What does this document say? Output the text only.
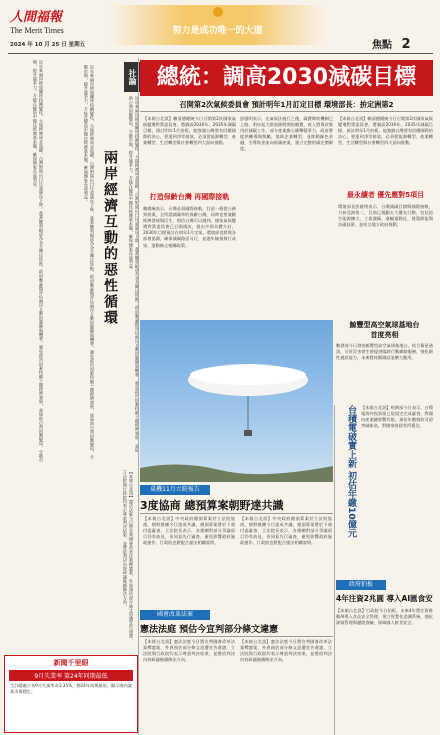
人間福報
The Merit Times
2024 年 10 月 25 日 星期五
努力是成功唯一的大道
焦點 2
社論
兩岸經濟互動的惡性循環
助台商因應變局，分散市場，提升競爭力，方能在變局中穩住經濟基本盤，確保國家長遠利益。
近年來兩岸經貿關係持續變化，大陸經濟成長放緩，台灣對陸出口比重逐年下降，產業鏈重組成為各方關注焦點。政府應審慎評估兩岸互動的風險與機會，避免政治因素持續干擾經濟發展，並協助台商因應變局，分散市場，提升競爭力，方能在變局中穩住經濟基本盤，確保國家長遠利益。
近年來兩岸經貿關係持續變化，大陸經濟成長放緩，台灣對陸出口比重逐年下降，產業鏈重組成為各方關注焦點。政府應審慎評估兩岸互動的風險與機會，避免政治因素持續干擾經濟發展，並協助台商因應變局，分散市場，提升競爭力，方能在變局中穩住經濟基本盤，確保國家長遠利益。
【本報台北訊】憲法法庭今日將宣判國會改革法案釋憲案，外界預估部分條文恐遭宣告違憲，立法院與行政院均表示尊重判決結果，並將依判決內容研議後續修法方向。
新聞千里眼
9月失業率 第24年同期最低
主計總處公布9月失業率為3.35%，創24年同期最低，顯示國內就業市場穩定。
總統：調高2030減碳目標
召開第2次氣候委員會 預計明年1月訂定目標 環境部長：拚定洲第2
【本報台北訊】賴清德總統今日召開第2次國家氣候變遷對策委員會，將調高2030年、2035年減碳目標，預計明年1月拍板。他強調台灣要有回饋國際的決心，要達到淨零排放，必須從能源轉型、產業轉型、生活轉型與社會轉型四大面向推動。
打造保齡台灣 再國際接軌
賴總統表示，台灣必須國際接軌，打造一個從公務到商業，全所謂調碳率的保齡台灣，同時也要兼顧經濟發展與民生，相信台灣可以做到。國家氣候變遷對策委員會已召開兩次，提出多項具體方針，2030年目標預計在明年1月定案。環境部也將與各部會協調，確保減碳路徑可行，並逐年檢視執行成果，滾動修正相關政策。
彭啟明表示，在氣候法施行之後，碳費徵收機制已上路，明年起大排放源將開始繳費，收入將專款專用於減碳工作。部分產業擔心衝擊競爭力，政府將提供輔導與獎勵，協助企業轉型，並推動綠色金融，引導資金流向低碳產業，建立完整的碳定價制度。
【本報台北訊】賴清德總統今日召開第2次國家氣候變遷對策委員會，將調高2030年、2035年減碳目標，預計明年1月拍板。他強調台灣要有回饋國際的決心，要達到淨零排放，必須從能源轉型、產業轉型、生活轉型與社會轉型四大面向推動。
最永續者 優先應對5項目
環境部長彭啟明表示，台灣減碳目標與國際接軌，力拚亞洲第二，目前已規劃五大優先行動，包括再生能源擴大、工業減碳、運輸電動化、建築節能與負碳技術，並結合地方政府推動。
鯨豐型高空氣球基地台
首度亮相
數發部今日發表鯨豐型高空氣球基地台，結合衛星通訊，可於災害發生時提供臨時行動網路服務，強化韌性通訊能力，未來將持續測試並擴大應用。
台積電破實上新 初估年繳10億元	【本報台北訊】經濟部今日表示，台積電海外投資案已依規定完成審查，對國內產業鏈影響有限，預估年繳稅收可望突破新高，對國家財政有所挹注。
桌機11月立院報告
3度協商 總預算案朝野達共識
【本報台北訊】中央政府總預算案於立法院協商，朝野黨團今日達成共識，總預算案將於下週付委審查，立法院長表示，各黨團對部分爭議項目仍有歧見，但同意先行審查，避免影響政府施政運作，行政院也將配合提出相關說明。
【本報台北訊】中央政府總預算案於立法院協商，朝野黨團今日達成共識，總預算案將於下週付委審查，立法院長表示，各黨團對部分爭議項目仍有歧見，但同意先行審查，避免影響政府施政運作，行政院也將配合提出相關說明。
國會改革法案
憲法法庭 預估今宣判部分條文違憲
【本報台北訊】憲法法庭今日將宣判國會改革法案釋憲案，外界預估部分條文恐遭宣告違憲，立法院與行政院均表示尊重判決結果，並將依判決內容研議後續修法方向。
【本報台北訊】憲法法庭今日將宣判國會改革法案釋憲案，外界預估部分條文恐遭宣告違憲，立法院與行政院均表示尊重判決結果，並將依判決內容研議後續修法方向。
政府拍板
4年注資2兆圓 導入AI匯食安
【本報台北訊】行政院今日拍板，未來4年將注資推動AI導入食品安全管理，建立智慧化追溯系統，強化源頭管理與邊境查驗，保障國人飲食安全。
